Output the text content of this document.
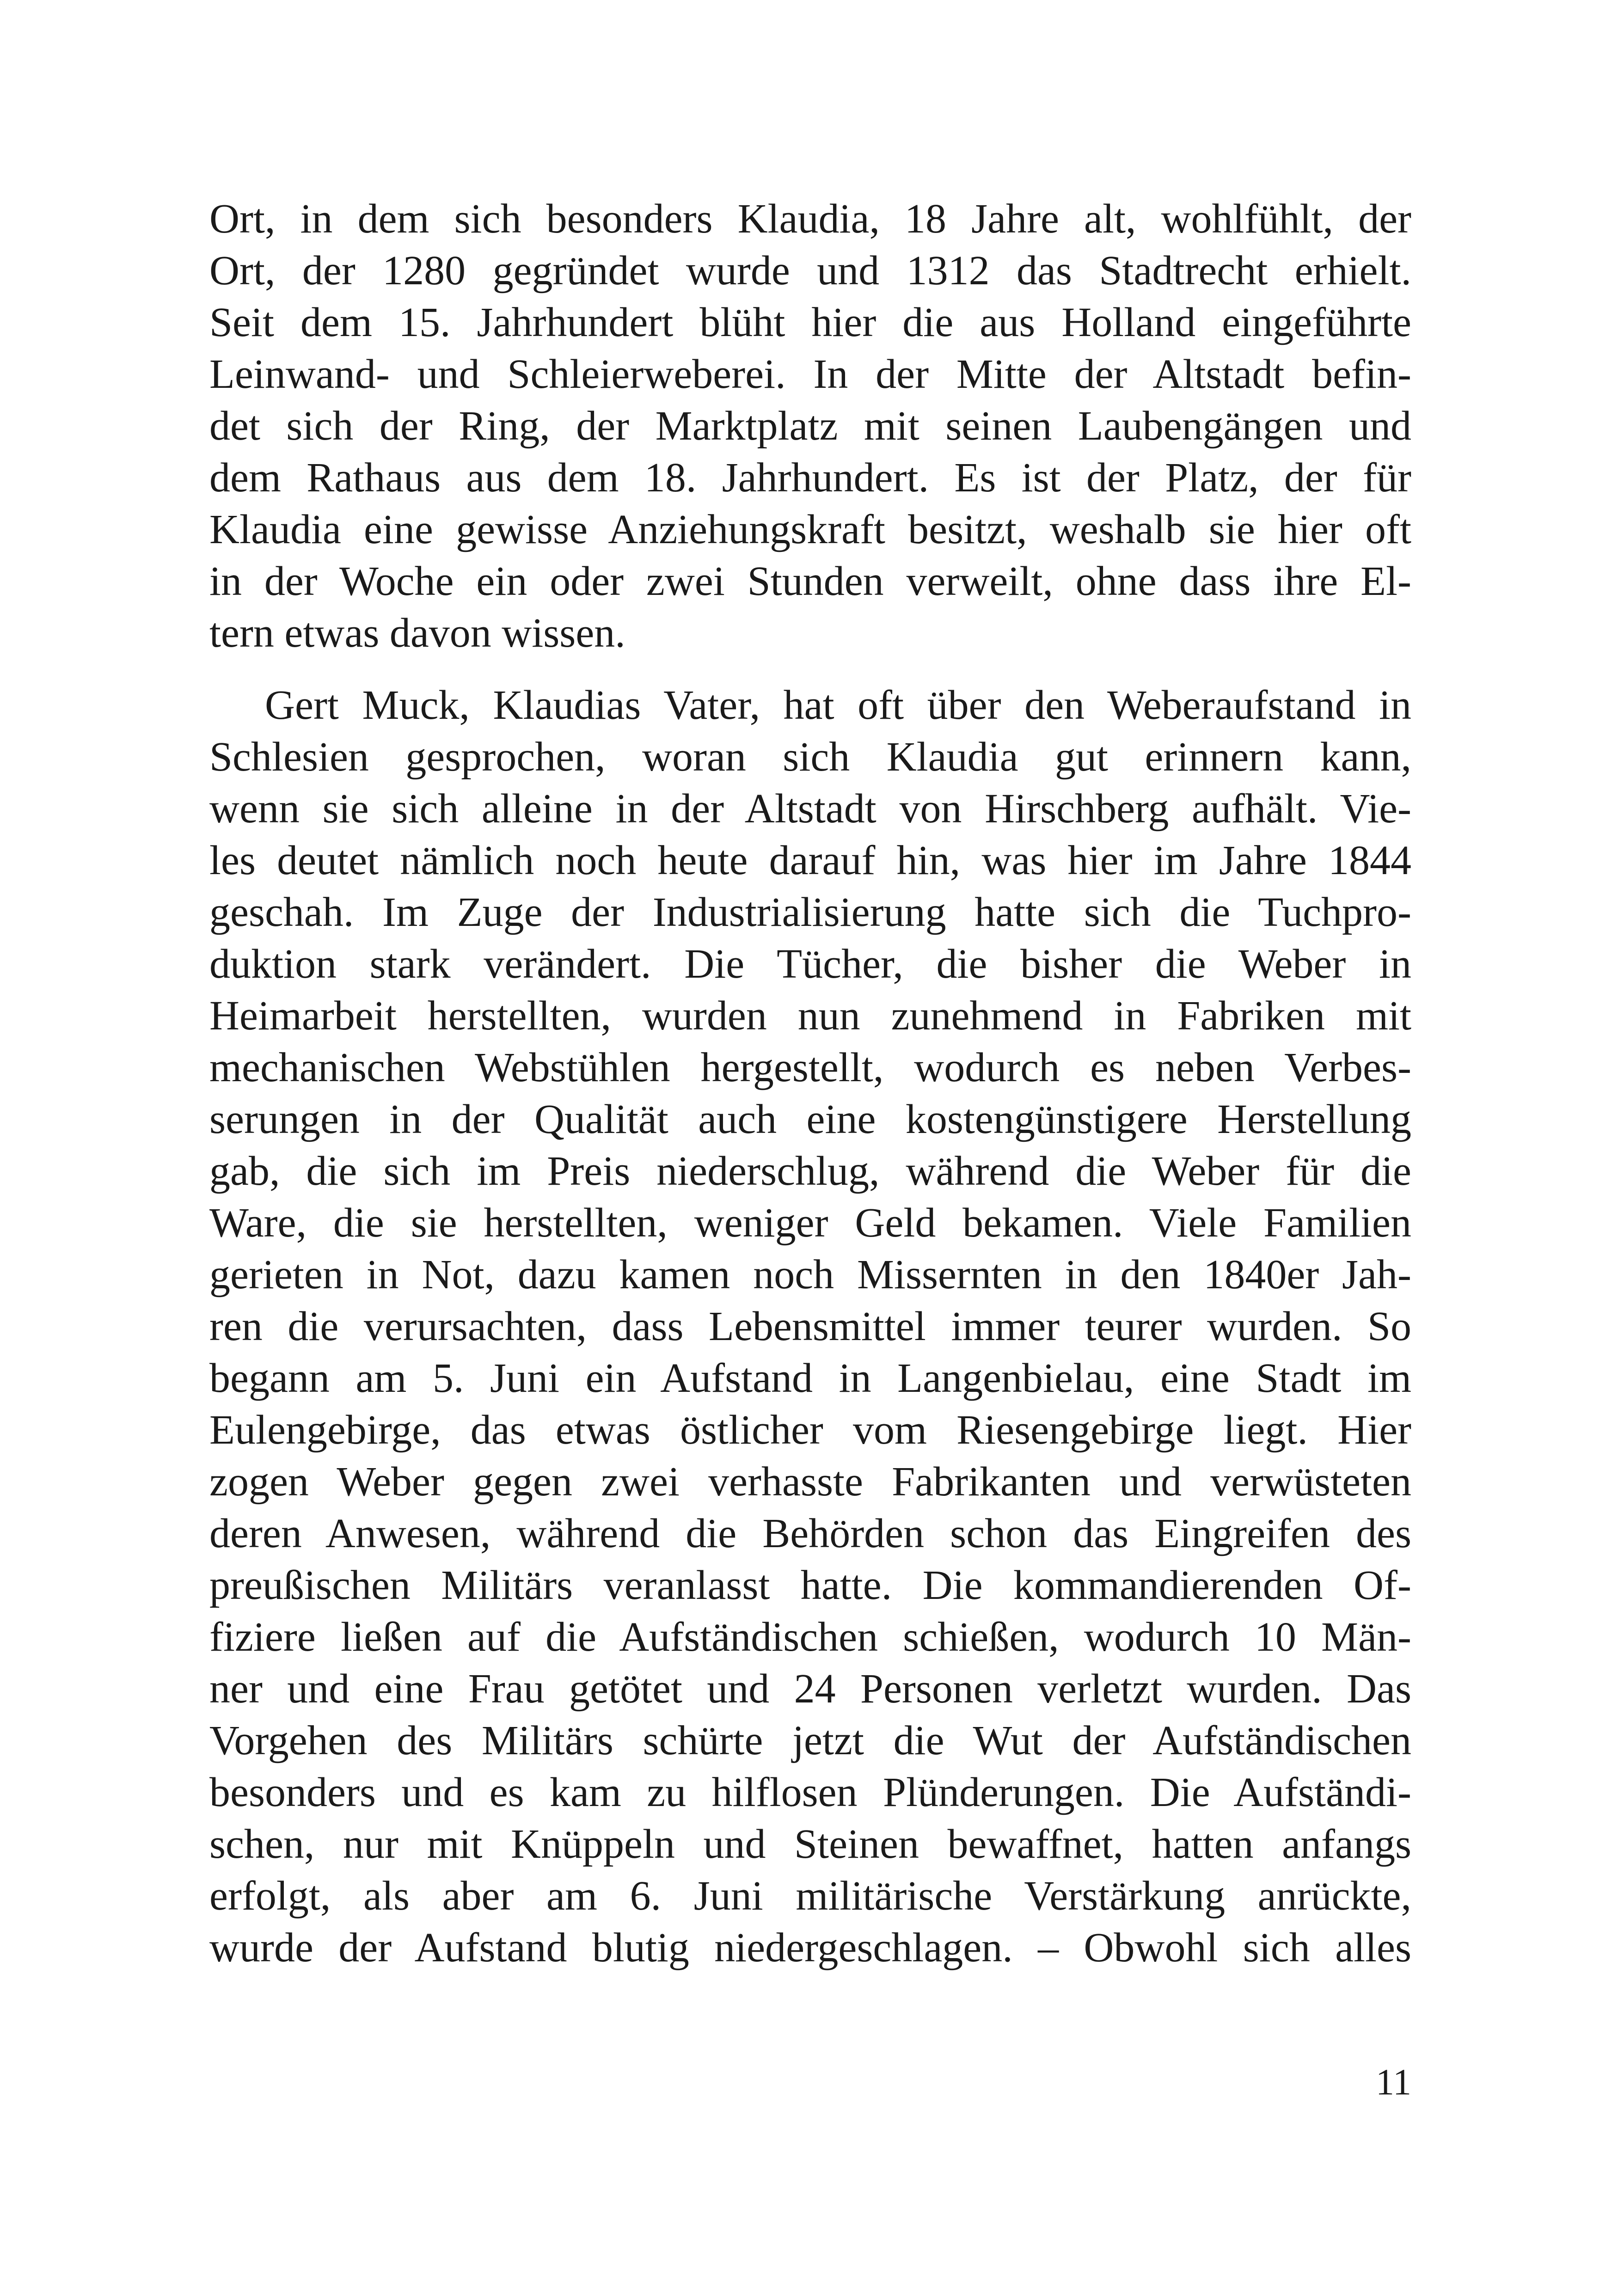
Ort, in dem sich besonders Klaudia, 18 Jahre alt, wohlfühlt, der
Ort, der 1280 gegründet wurde und 1312 das Stadtrecht erhielt.
Seit dem 15. Jahrhundert blüht hier die aus Holland eingeführte
Leinwand- und Schleierweberei. In der Mitte der Altstadt befin-
det sich der Ring, der Marktplatz mit seinen Laubengängen und
dem Rathaus aus dem 18. Jahrhundert. Es ist der Platz, der für
Klaudia eine gewisse Anziehungskraft besitzt, weshalb sie hier oft
in der Woche ein oder zwei Stunden verweilt, ohne dass ihre El-
tern etwas davon wissen.
Gert Muck, Klaudias Vater, hat oft über den Weberaufstand in
Schlesien gesprochen, woran sich Klaudia gut erinnern kann,
wenn sie sich alleine in der Altstadt von Hirschberg aufhält. Vie-
les deutet nämlich noch heute darauf hin, was hier im Jahre 1844
geschah. Im Zuge der Industrialisierung hatte sich die Tuchpro-
duktion stark verändert. Die Tücher, die bisher die Weber in
Heimarbeit herstellten, wurden nun zunehmend in Fabriken mit
mechanischen Webstühlen hergestellt, wodurch es neben Verbes-
serungen in der Qualität auch eine kostengünstigere Herstellung
gab, die sich im Preis niederschlug, während die Weber für die
Ware, die sie herstellten, weniger Geld bekamen. Viele Familien
gerieten in Not, dazu kamen noch Missernten in den 1840er Jah-
ren die verursachten, dass Lebensmittel immer teurer wurden. So
begann am 5. Juni ein Aufstand in Langenbielau, eine Stadt im
Eulengebirge, das etwas östlicher vom Riesengebirge liegt. Hier
zogen Weber gegen zwei verhasste Fabrikanten und verwüsteten
deren Anwesen, während die Behörden schon das Eingreifen des
preußischen Militärs veranlasst hatte. Die kommandierenden Of-
fiziere ließen auf die Aufständischen schießen, wodurch 10 Män-
ner und eine Frau getötet und 24 Personen verletzt wurden. Das
Vorgehen des Militärs schürte jetzt die Wut der Aufständischen
besonders und es kam zu hilflosen Plünderungen. Die Aufständi-
schen, nur mit Knüppeln und Steinen bewaffnet, hatten anfangs
erfolgt, als aber am 6. Juni militärische Verstärkung anrückte,
wurde der Aufstand blutig niedergeschlagen. – Obwohl sich alles
11
